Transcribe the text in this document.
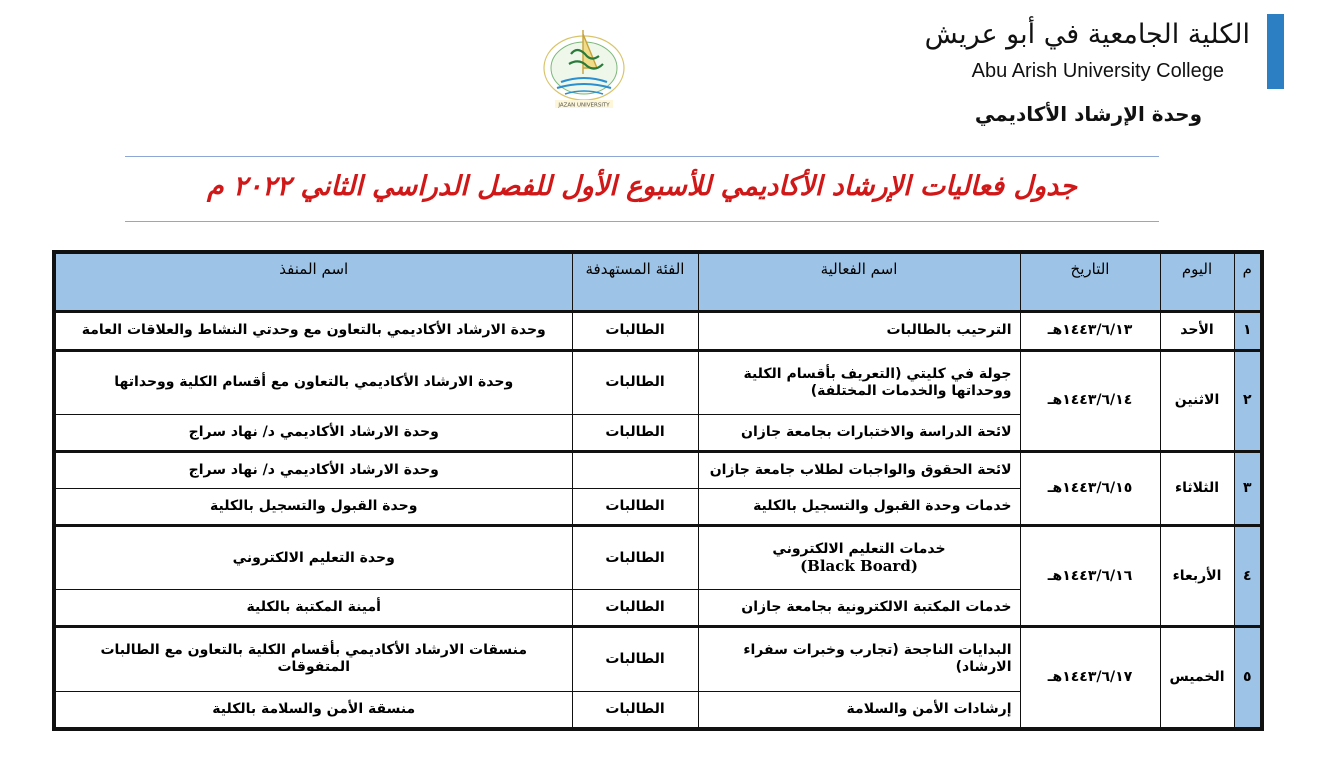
الكلية الجامعية في أبو عريش
Abu Arish University College
وحدة الإرشاد الأكاديمي
JAZAN UNIVERSITY
جدول فعاليات الإرشاد الأكاديمي للأسبوع الأول للفصل الدراسي الثاني ٢٠٢٢ م
م	اليوم	التاريخ	اسم الفعالية	الفئة المستهدفة	اسم المنفذ
١	الأحد	١٤٤٣/٦/١٣هـ	الترحيب بالطالبات	الطالبات	وحدة الارشاد الأكاديمي بالتعاون مع وحدتي النشاط والعلاقات العامة
٢	الاثنين	١٤٤٣/٦/١٤هـ	جولة في كليتي (التعريف بأقسام الكلية ووحداتها والخدمات المختلفة)	الطالبات	وحدة الارشاد الأكاديمي بالتعاون مع أقسام الكلية ووحداتها
			لائحة الدراسة والاختبارات بجامعة جازان	الطالبات	وحدة الارشاد الأكاديمي د/ نهاد سراج
٣	الثلاثاء	١٤٤٣/٦/١٥هـ	لائحة الحقوق والواجبات لطلاب جامعة جازان		وحدة الارشاد الأكاديمي د/ نهاد سراج
			خدمات وحدة القبول والتسجيل بالكلية	الطالبات	وحدة القبول والتسجيل بالكلية
٤	الأربعاء	١٤٤٣/٦/١٦هـ	خدمات التعليم الالكتروني
(Black Board)	الطالبات	وحدة التعليم الالكتروني
			خدمات المكتبة الالكترونية بجامعة جازان	الطالبات	أمينة المكتبة بالكلية
٥	الخميس	١٤٤٣/٦/١٧هـ	البدايات الناجحة (تجارب وخبرات سفراء الارشاد)	الطالبات	منسقات الارشاد الأكاديمي بأقسام الكلية بالتعاون مع الطالبات المتفوقات
			إرشادات الأمن والسلامة	الطالبات	منسقة الأمن والسلامة بالكلية
